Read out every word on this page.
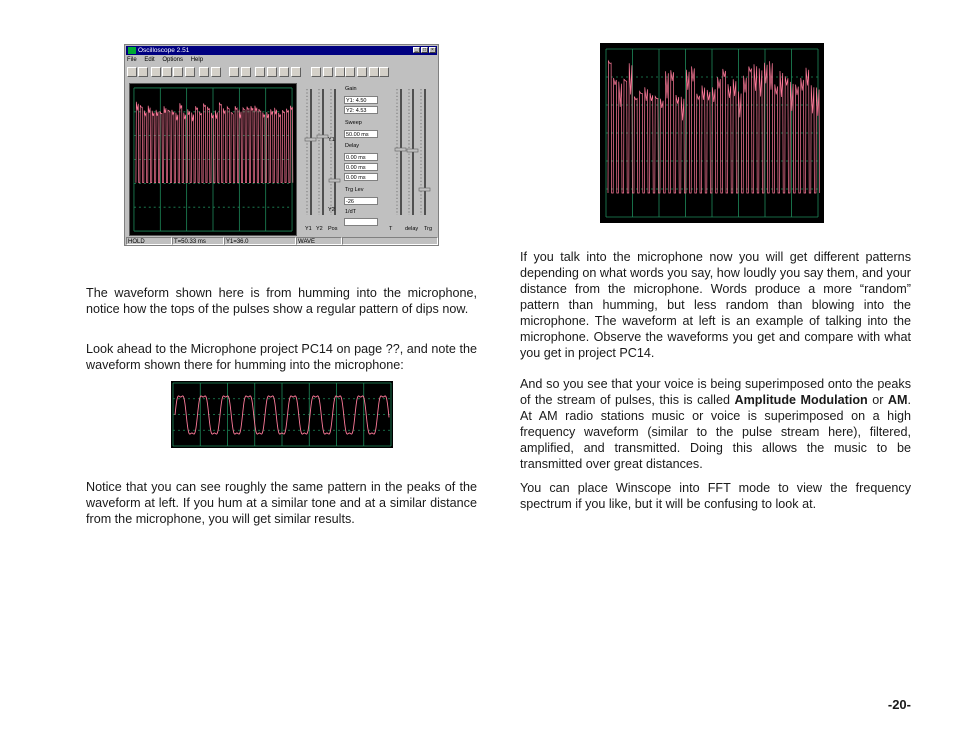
Oscilloscope 2.51	_	□	×
File Edit Options Help
Y1
Y2
Gain
Y1: 4.50
Y2: 4.53
Sweep
50.00 ms
Delay
0.00 ms
0.00 ms
0.00 ms
Trg Lev
-26
1/dT
Y1 Y2 Pos	T delay Trg
HOLD	T=50.33 ms	Y1=36.0	WAVE

The waveform shown here is from humming into the microphone, notice how the tops of the pulses show a regular pattern of dips now.

Look ahead to the Microphone project PC14 on page ??, and note the waveform shown there for humming into the microphone:

Notice that you can see roughly the same pattern in the peaks of the waveform at left. If you hum at a similar tone and at a similar distance from the microphone, you will get similar results.

If you talk into the microphone now you will get different patterns depending on what words you say, how loudly you say them, and your distance from the microphone. Words produce a more “random” pattern than humming, but less random than blowing into the microphone. The waveform at left is an example of talking into the microphone. Observe the waveforms you get and compare with what you get in project PC14.

And so you see that your voice is being superimposed onto the peaks of the stream of pulses, this is called Amplitude Modulation or AM. At AM radio stations music or voice is superimposed on a high frequency waveform (similar to the pulse stream here), filtered, amplified, and transmitted. Doing this allows the music to be transmitted over great distances.

You can place Winscope into FFT mode to view the frequency spectrum if you like, but it will be confusing to look at.

-20-
